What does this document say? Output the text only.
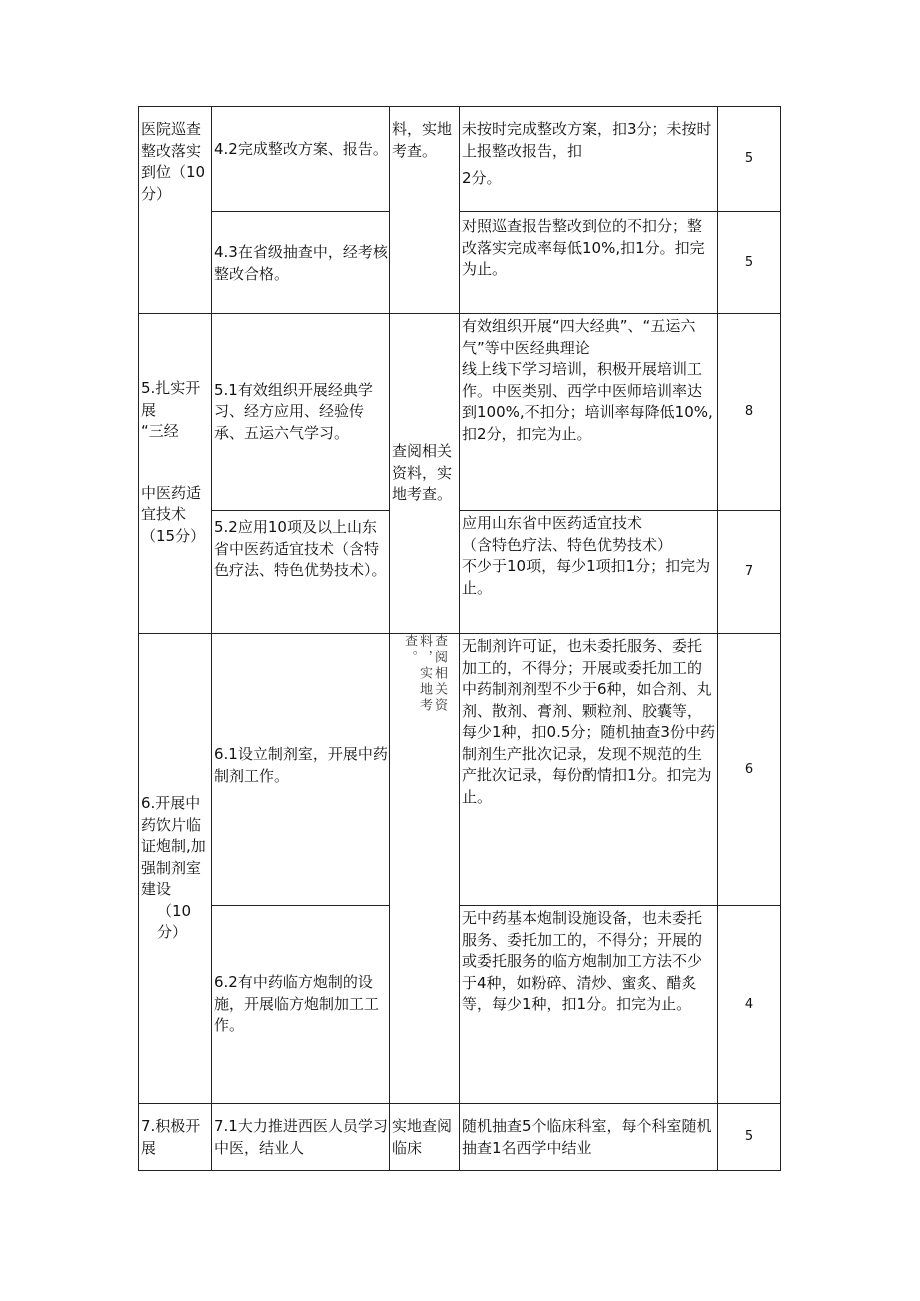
医院巡查整改落实到位（10分）	4.2完成整改方案、报告。	料，实地考查。	未按时完成整改方案，扣3分；未按时上报整改报告，扣
2分。	5
	4.3在省级抽查中，经考核整改合格。		对照巡查报告整改到位的不扣分；整改落实完成率每低10%,扣1分。扣完为止。	5

5.扎实开展
“三经
中医药适宜技术（15分）	5.1有效组织开展经典学习、经方应用、经验传承、五运六气学习。	查阅相关资料，实地考查。	有效组织开展“四大经典”、“五运六气”等中医经典理论
线上线下学习培训，积极开展培训工作。中医类别、西学中医师培训率达到100%,不扣分；培训率每降低10%,扣2分，扣完为止。	8
	5.2应用10项及以上山东省中医药适宜技术（含特色疗法、特色优势技术）。		应用山东省中医药适宜技术
（含特色疗法、特色优势技术）
不少于10项，每少1项扣1分；扣完为止。	7

6.开展中药饮片临证炮制,加强制剂室建设
（10分）	6.1设立制剂室，开展中药制剂工作。	查阅相关资料，实地考查。	无制剂许可证，也未委托服务、委托加工的，不得分；开展或委托加工的中药制剂剂型不少于6种，如合剂、丸剂、散剂、膏剂、颗粒剂、胶囊等，每少1种，扣0.5分；随机抽查3份中药制剂生产批次记录，发现不规范的生产批次记录，每份酌情扣1分。扣完为止。	6
	6.2有中药临方炮制的设施，开展临方炮制加工工作。		无中药基本炮制设施设备，也未委托服务、委托加工的，不得分；开展的或委托服务的临方炮制加工方法不少于4种，如粉碎、清炒、蜜炙、醋炙等，每少1种，扣1分。扣完为止。	4
7.积极开展	7.1大力推进西医人员学习中医，结业人	实地查阅临床	随机抽查5个临床科室，每个科室随机抽查1名西学中结业	5
